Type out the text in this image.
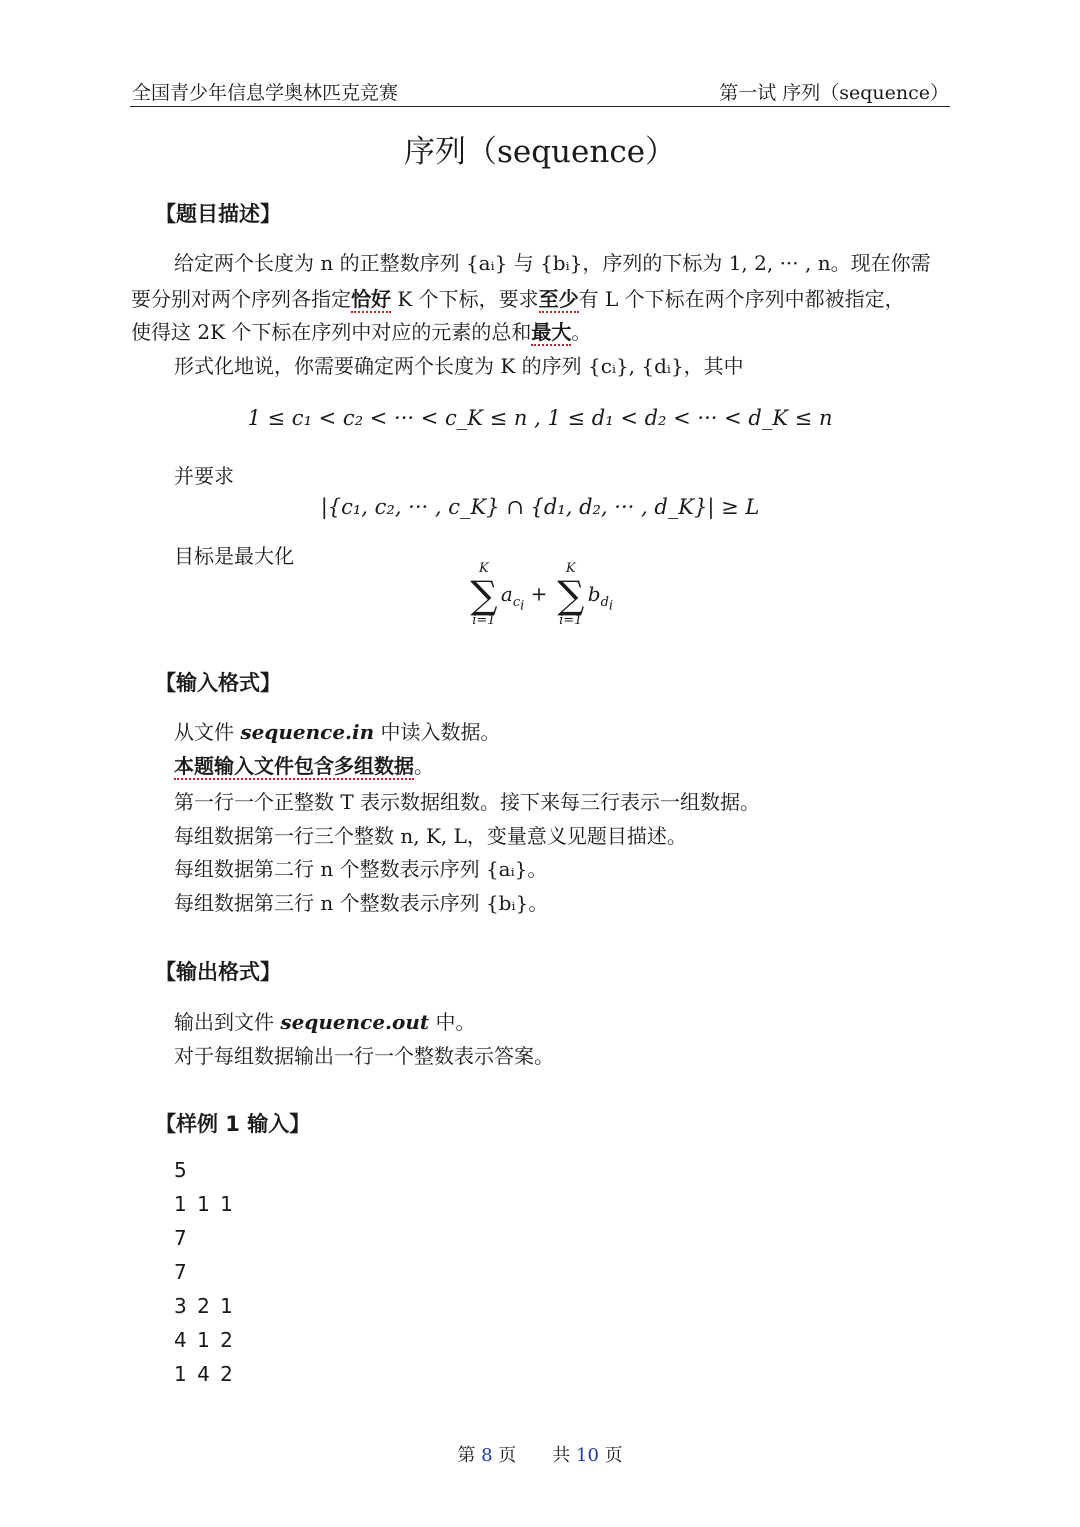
全国青少年信息学奥林匹克竞赛	第一试 序列（sequence）
序列（sequence）
【题目描述】
给定两个长度为 n 的正整数序列 {aᵢ} 与 {bᵢ}，序列的下标为 1, 2, ··· , n。现在你需
要分别对两个序列各指定恰好 K 个下标，要求至少有 L 个下标在两个序列中都被指定，
使得这 2K 个下标在序列中对应的元素的总和最大。
形式化地说，你需要确定两个长度为 K 的序列 {cᵢ}, {dᵢ}，其中
1 ≤ c₁ < c₂ < ··· < c_K ≤ n , 1 ≤ d₁ < d₂ < ··· < d_K ≤ n
并要求
|{c₁, c₂, ··· , c_K} ∩ {d₁, d₂, ··· , d_K}| ≥ L
目标是最大化
K
∑
i=1
$a_{c_i}$ +
K
∑
i=1
$b_{d_i}$
【输入格式】
从文件 sequence.in 中读入数据。
本题输入文件包含多组数据。
第一行一个正整数 T 表示数据组数。接下来每三行表示一组数据。
每组数据第一行三个整数 n, K, L，变量意义见题目描述。
每组数据第二行 n 个整数表示序列 {aᵢ}。
每组数据第三行 n 个整数表示序列 {bᵢ}。
【输出格式】
输出到文件 sequence.out 中。
对于每组数据输出一行一个整数表示答案。
【样例 1 输入】
5
1 1 1
7
7
3 2 1
4 1 2
1 4 2
第 8 页　　共 10 页
